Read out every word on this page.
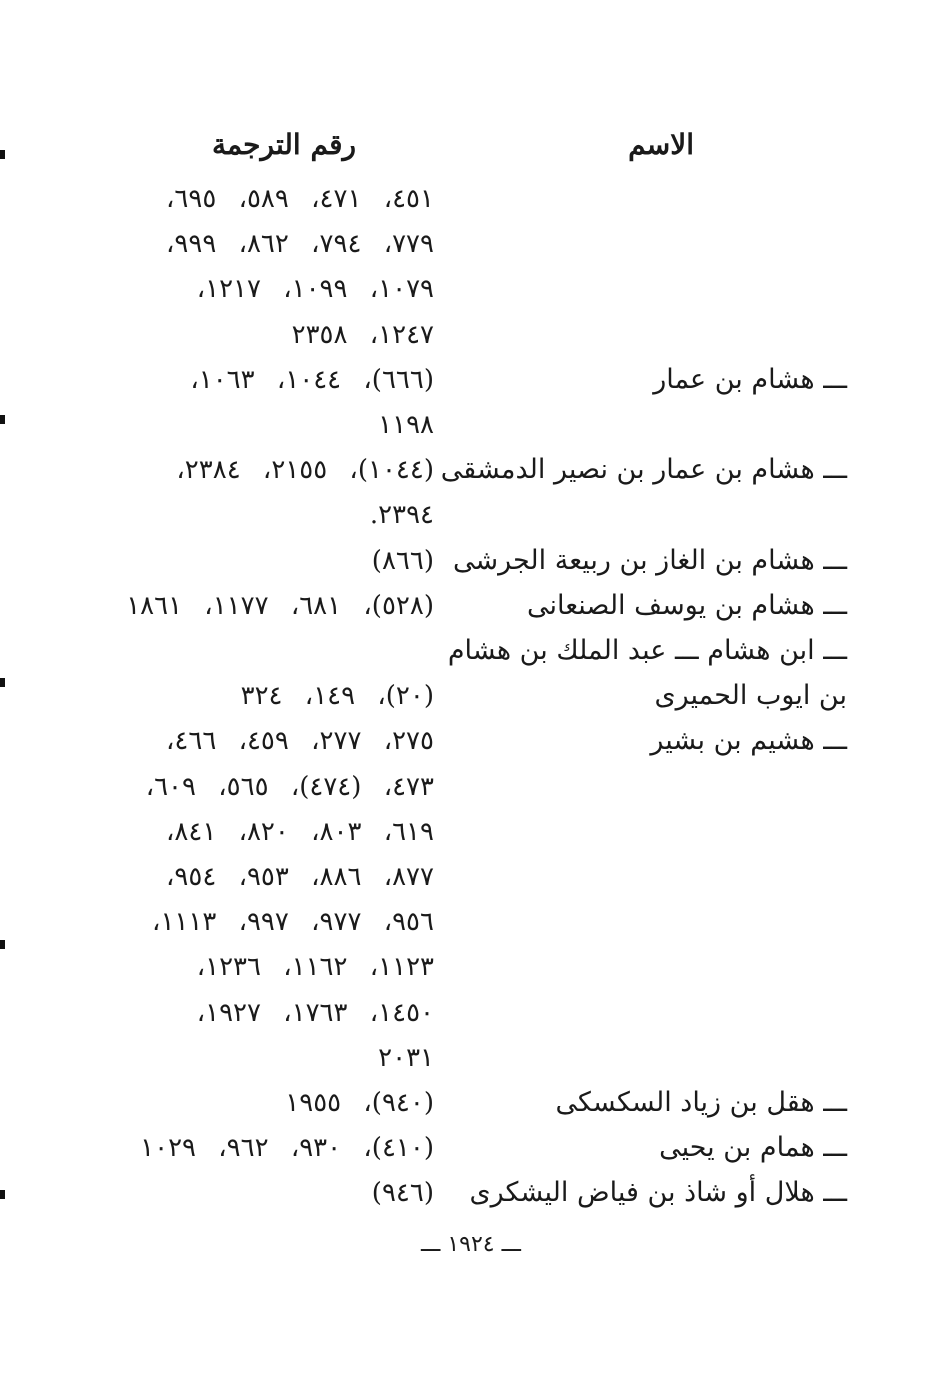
الاسم
رقم الترجمة
٤٥١، ٤٧١، ٥٨٩، ٦٩٥،
٧٧٩، ٧٩٤، ٨٦٢، ٩٩٩،
١٠٧٩، ١٠٩٩، ١٢١٧،
١٢٤٧، ٢٣٥٨
ـــ هشام بن عمار
(٦٦٦)، ١٠٤٤، ١٠٦٣،
١١٩٨
ـــ هشام بن عمار بن نصير الدمشقى
(١٠٤٤)، ٢١٥٥، ٢٣٨٤،
٢٣٩٤.
ـــ هشام بن الغاز بن ربيعة الجرشى
(٨٦٦)
ـــ هشام بن يوسف الصنعانى
(٥٢٨)، ٦٨١، ١١٧٧، ١٨٦١
ـــ ابن هشام ـــ عبد الملك بن هشام
بن ايوب الحميرى
(٢٠)، ١٤٩، ٣٢٤
ـــ هشيم بن بشير
٢٧٥، ٢٧٧، ٤٥٩، ٤٦٦،
٤٧٣، (٤٧٤)، ٥٦٥، ٦٠٩،
٦١٩، ٨٠٣، ٨٢٠، ٨٤١،
٨٧٧، ٨٨٦، ٩٥٣، ٩٥٤،
٩٥٦، ٩٧٧، ٩٩٧، ١١١٣،
١١٢٣، ١١٦٢، ١٢٣٦،
١٤٥٠، ١٧٦٣، ١٩٢٧،
٢٠٣١
ـــ هقل بن زياد السكسكى
(٩٤٠)، ١٩٥٥
ـــ همام بن يحيى
(٤١٠)، ٩٣٠، ٩٦٢، ١٠٢٩
ـــ هلال أو شاذ بن فياض اليشكرى
(٩٤٦)
ـــ ١٩٢٤ ـــ
